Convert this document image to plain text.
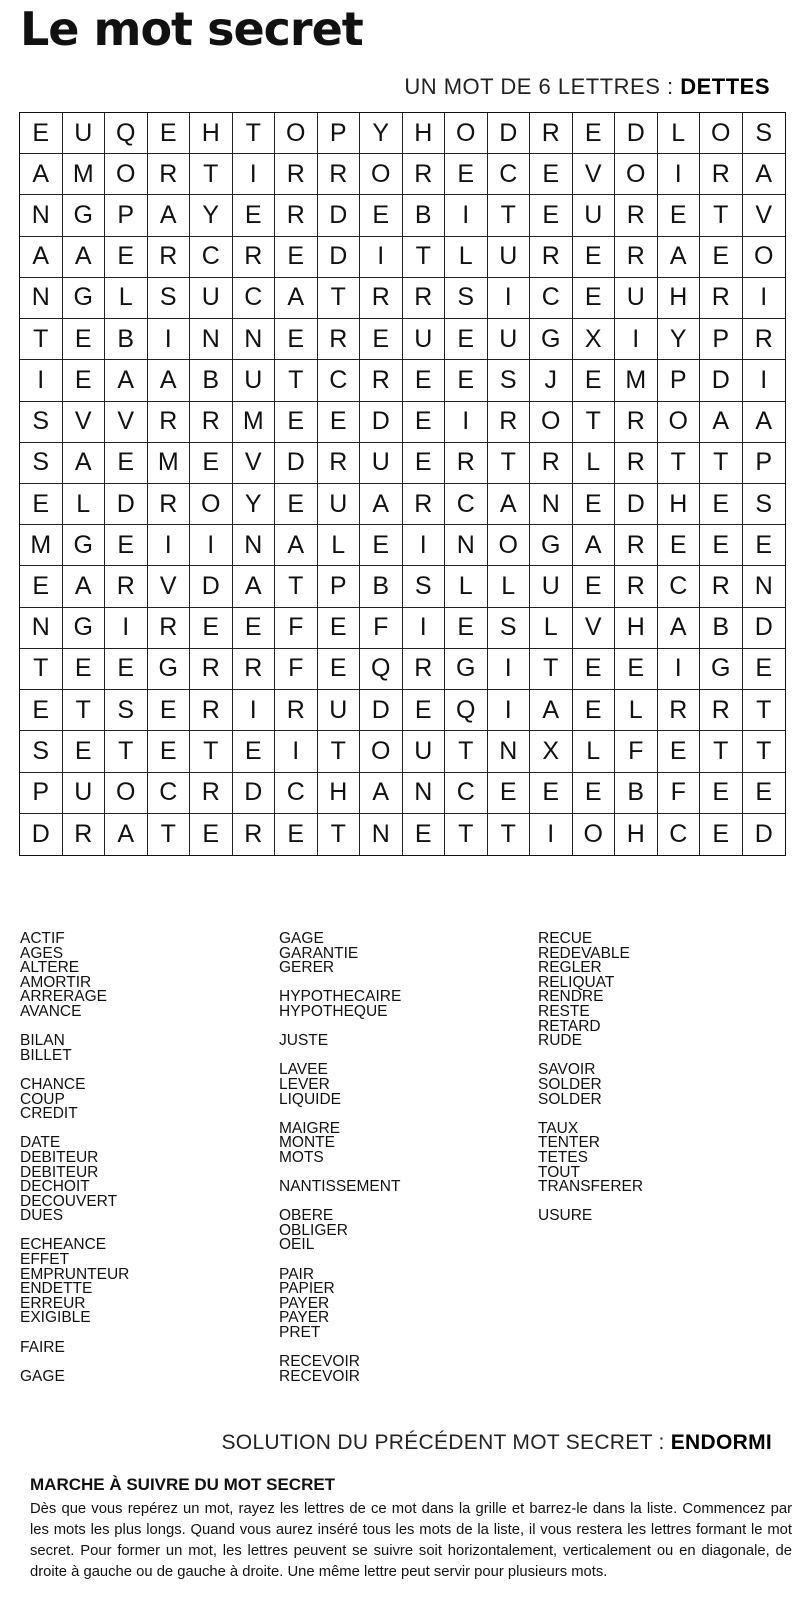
Le mot secret
UN MOT DE 6 LETTRES : DETTES
E	U Q E	H	T	O P	Y	H O D R	E	D	L	O S
A M O R	T	I	R R O R	E	C	E	V O	I	R	A
N G P	A	Y	E	R D	E	B	I	T	E	U R	E	T	V
A	A	E	R C R	E	D	I	T	L	U R	E	R	A	E O
N G	L	S	U C	A	T	R R	S	I	C	E	U H R	I
T	E	B	I	N N	E	R	E	U	E	U G X	I	Y	P	R
I	E	A	A	B	U	T	C R	E	E	S	J	E M P	D	I
S	V	V	R R M E	E	D	E	I	R O	T	R O A	A
S	A	E M E	V	D R U	E	R	T	R	L	R	T	T	P
E	L	D R O Y	E	U	A	R C	A	N	E	D H	E	S
M G E	I	I	N	A	L	E	I	N O G A	R	E	E	E
E	A	R	V	D	A	T	P	B	S	L	L	U	E	R C R N
N G	I	R	E	E	F	E	F	I	E	S	L	V	H	A	B	D
T	E	E G R R	F	E Q R G	I	T	E	E	I	G E
E	T	S	E	R	I	R U D	E Q	I	A	E	L	R R	T
S	E	T	E	T	E	I	T	O U	T	N	X	L	F	E	T	T
P	U O C R D C H	A	N C	E	E	E	B	F	E	E
D R	A	T	E	R	E	T	N	E	T	T	I	O H C	E	D
ACTIF
AGES
ALTERE
AMORTIR
ARRERAGE
AVANCE
BILAN
BILLET
CHANCE
COUP
CREDIT
DATE
DEBITEUR
DEBITEUR
DECHOIT
DECOUVERT
DUES
ECHEANCE
EFFET
EMPRUNTEUR
ENDETTE
ERREUR
EXIGIBLE
FAIRE
GAGE
GAGE
GARANTIE
GERER
HYPOTHECAIRE
HYPOTHEQUE
JUSTE
LAVEE
LEVER
LIQUIDE
MAIGRE
MONTE
MOTS
NANTISSEMENT
OBERE
OBLIGER
OEIL
PAIR
PAPIER
PAYER
PAYER
PRET
RECEVOIR
RECEVOIR
RECUE
REDEVABLE
REGLER
RELIQUAT
RENDRE
RESTE
RETARD
RUDE
SAVOIR
SOLDER
SOLDER
TAUX
TENTER
TETES
TOUT
TRANSFERER
USURE
SOLUTION DU PRÉCÉDENT MOT SECRET : ENDORMI
MARCHE À SUIVRE DU MOT SECRET
Dès que vous repérez un mot, rayez les lettres de ce mot dans la grille et barrez-le dans la liste. Commencez par les mots les plus longs. Quand vous aurez inséré tous les mots de la liste, il vous restera les lettres formant le mot secret. Pour former un mot, les lettres peuvent se suivre soit horizontalement, verticalement ou en diagonale, de droite à gauche ou de gauche à droite. Une même lettre peut servir pour plusieurs mots.
